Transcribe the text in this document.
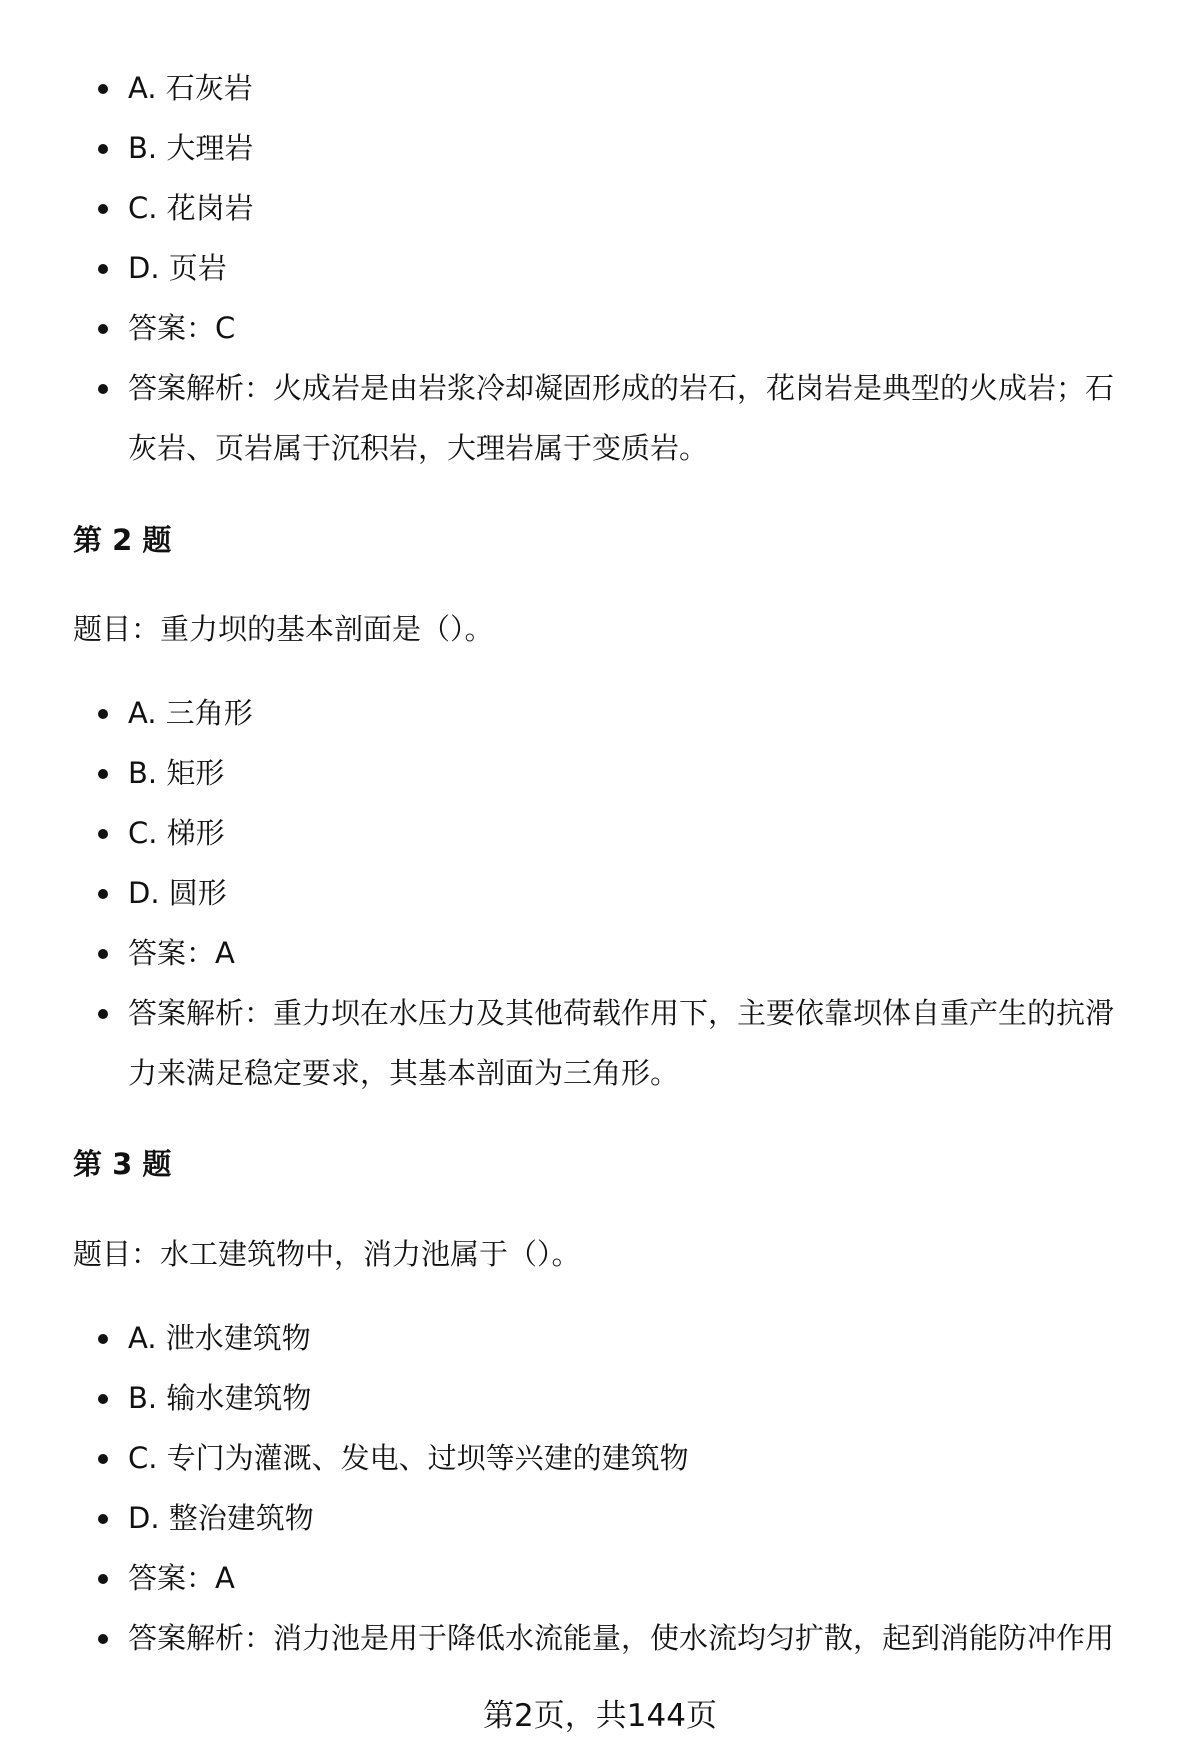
A. 石灰岩
B. 大理岩
C. 花岗岩
D. 页岩
答案：C
答案解析：火成岩是由岩浆冷却凝固形成的岩石，花岗岩是典型的火成岩；石灰岩、页岩属于沉积岩，大理岩属于变质岩。
第 2 题
题目：重力坝的基本剖面是（）。
A. 三角形
B. 矩形
C. 梯形
D. 圆形
答案：A
答案解析：重力坝在水压力及其他荷载作用下，主要依靠坝体自重产生的抗滑力来满足稳定要求，其基本剖面为三角形。
第 3 题
题目：水工建筑物中，消力池属于（）。
A. 泄水建筑物
B. 输水建筑物
C. 专门为灌溉、发电、过坝等兴建的建筑物
D. 整治建筑物
答案：A
答案解析：消力池是用于降低水流能量，使水流均匀扩散，起到消能防冲作用
第2页，共144页
